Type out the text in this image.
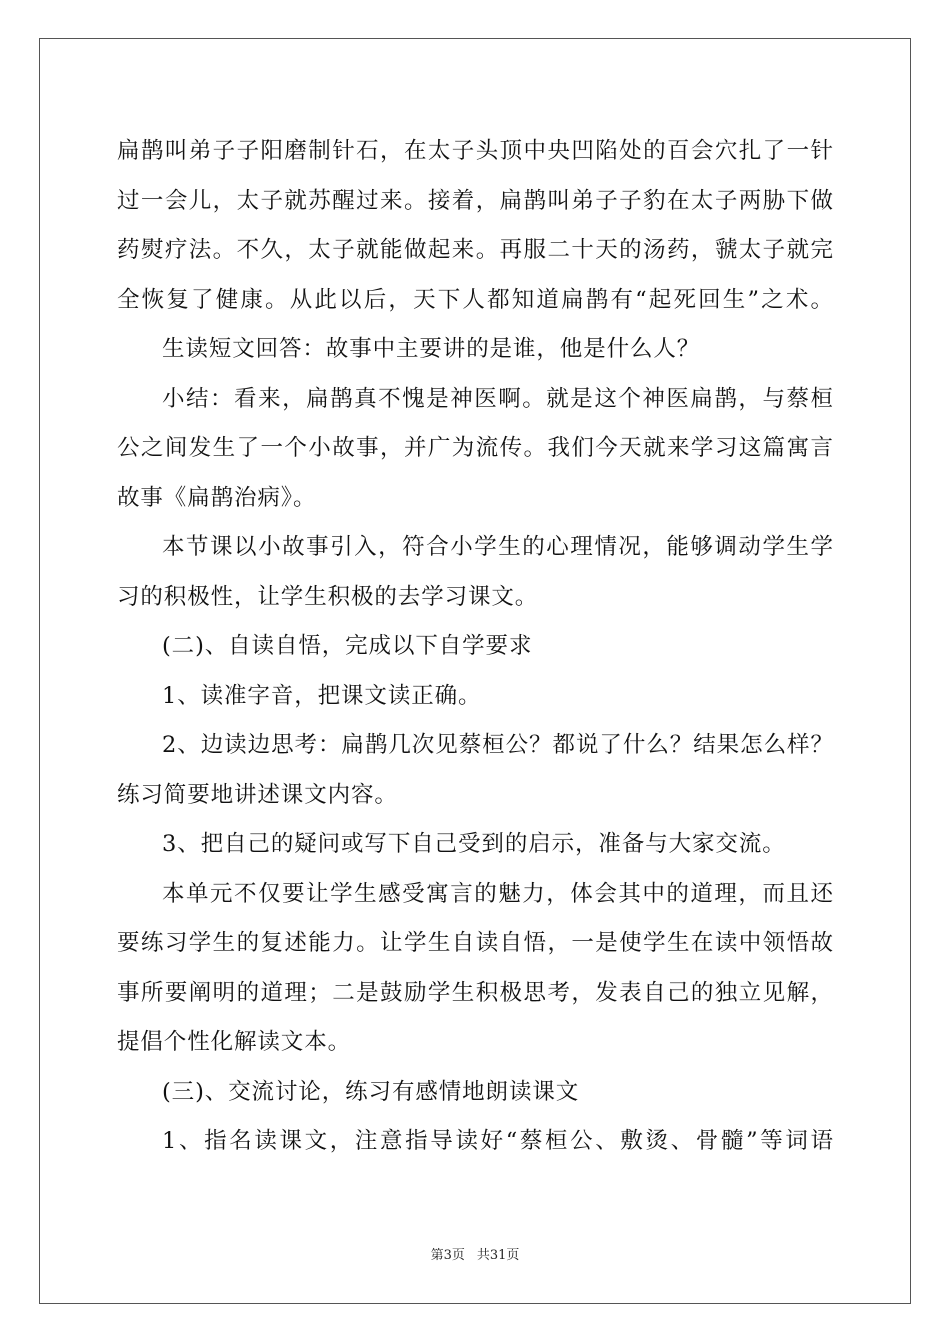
扁鹊叫弟子子阳磨制针石，在太子头顶中央凹陷处的百会穴扎了一针
过一会儿，太子就苏醒过来。接着，扁鹊叫弟子子豹在太子两胁下做
药熨疗法。不久，太子就能做起来。再服二十天的汤药，虢太子就完
全恢复了健康。从此以后，天下人都知道扁鹊有“起死回生”之术。
生读短文回答：故事中主要讲的是谁，他是什么人？
小结：看来，扁鹊真不愧是神医啊。就是这个神医扁鹊，与蔡桓
公之间发生了一个小故事，并广为流传。我们今天就来学习这篇寓言
故事《扁鹊治病》。
本节课以小故事引入，符合小学生的心理情况，能够调动学生学
习的积极性，让学生积极的去学习课文。
(二)、自读自悟，完成以下自学要求
1、读准字音，把课文读正确。
2、边读边思考：扁鹊几次见蔡桓公？都说了什么？结果怎么样？
练习简要地讲述课文内容。
3、把自己的疑问或写下自己受到的启示，准备与大家交流。
本单元不仅要让学生感受寓言的魅力，体会其中的道理，而且还
要练习学生的复述能力。让学生自读自悟，一是使学生在读中领悟故
事所要阐明的道理；二是鼓励学生积极思考，发表自己的独立见解，
提倡个性化解读文本。
(三)、交流讨论，练习有感情地朗读课文
1、指名读课文，注意指导读好“蔡桓公、敷烫、骨髓”等词语
第3页 共31页
